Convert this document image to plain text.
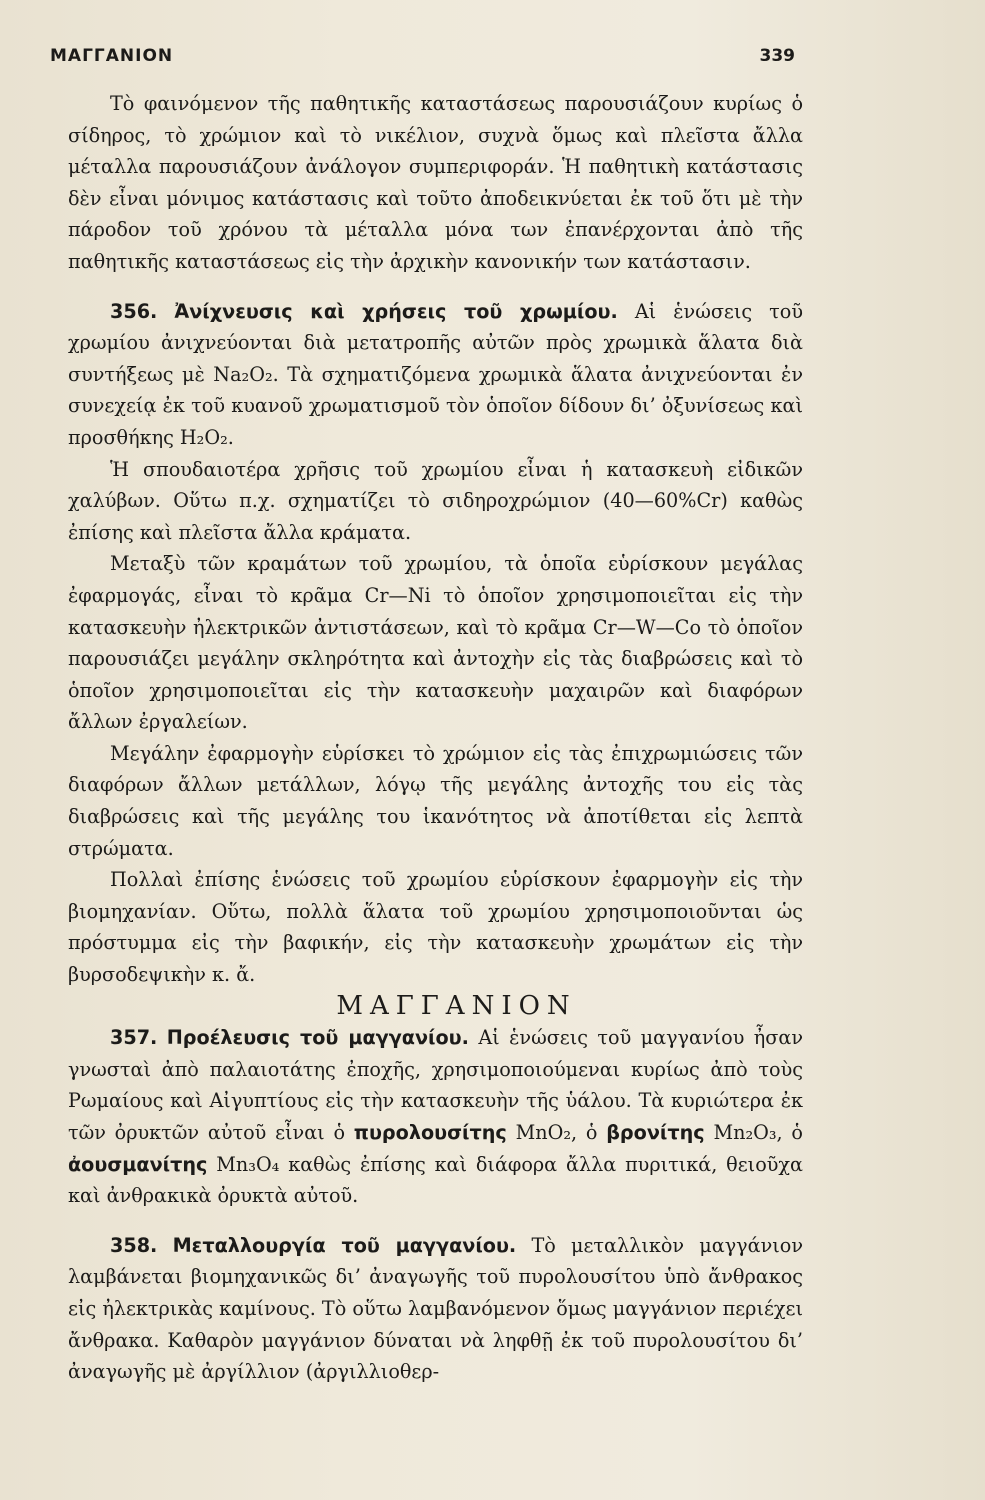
ΜΑΓΓΑΝΙΟΝ	339

Τὸ φαινόμενον τῆς παθητικῆς καταστάσεως παρουσιάζουν κυρίως ὁ σίδηρος, τὸ χρώμιον καὶ τὸ νικέλιον, συχνὰ ὅμως καὶ πλεῖστα ἄλλα μέταλλα παρουσιάζουν ἀνάλογον συμπεριφοράν. Ἡ παθητικὴ κατάστασις δὲν εἶναι μόνιμος κατάστασις καὶ τοῦτο ἀποδεικνύεται ἐκ τοῦ ὅτι μὲ τὴν πάροδον τοῦ χρόνου τὰ μέταλλα μόνα των ἐπανέρχονται ἀπὸ τῆς παθητικῆς καταστάσεως εἰς τὴν ἀρχικὴν κανονικήν των κατάστασιν.

356. Ἀνίχνευσις καὶ χρήσεις τοῦ χρωμίου. Αἱ ἑνώσεις τοῦ χρωμίου ἀνιχνεύονται διὰ μετατροπῆς αὐτῶν πρὸς χρωμικὰ ἅλατα διὰ συντήξεως μὲ Na₂O₂. Τὰ σχηματιζόμενα χρωμικὰ ἅλατα ἀνιχνεύονται ἐν συνεχείᾳ ἐκ τοῦ κυανοῦ χρωματισμοῦ τὸν ὁποῖον δίδουν δι’ ὀξυνίσεως καὶ προσθήκης H₂O₂.

Ἡ σπουδαιοτέρα χρῆσις τοῦ χρωμίου εἶναι ἡ κατασκευὴ εἰδικῶν χαλύβων. Οὕτω π.χ. σχηματίζει τὸ σιδηροχρώμιον (40—60%Cr) καθὼς ἐπίσης καὶ πλεῖστα ἄλλα κράματα.

Μεταξὺ τῶν κραμάτων τοῦ χρωμίου, τὰ ὁποῖα εὑρίσκουν μεγάλας ἐφαρμογάς, εἶναι τὸ κρᾶμα Cr—Ni τὸ ὁποῖον χρησιμοποιεῖται εἰς τὴν κατασκευὴν ἠλεκτρικῶν ἀντιστάσεων, καὶ τὸ κρᾶμα Cr—W—Co τὸ ὁποῖον παρουσιάζει μεγάλην σκληρότητα καὶ ἀντοχὴν εἰς τὰς διαβρώσεις καὶ τὸ ὁποῖον χρησιμοποιεῖται εἰς τὴν κατασκευὴν μαχαιρῶν καὶ διαφόρων ἄλλων ἐργαλείων.

Μεγάλην ἐφαρμογὴν εὑρίσκει τὸ χρώμιον εἰς τὰς ἐπιχρωμιώσεις τῶν διαφόρων ἄλλων μετάλλων, λόγῳ τῆς μεγάλης ἀντοχῆς του εἰς τὰς διαβρώσεις καὶ τῆς μεγάλης του ἱκανότητος νὰ ἀποτίθεται εἰς λεπτὰ στρώματα.

Πολλαὶ ἐπίσης ἑνώσεις τοῦ χρωμίου εὑρίσκουν ἐφαρμογὴν εἰς τὴν βιομηχανίαν. Οὕτω, πολλὰ ἅλατα τοῦ χρωμίου χρησιμοποιοῦνται ὡς πρόστυμμα εἰς τὴν βαφικήν, εἰς τὴν κατασκευὴν χρωμάτων εἰς τὴν βυρσοδεψικὴν κ. ἄ.

ΜΑΓΓΑΝΙΟΝ

357. Προέλευσις τοῦ μαγγανίου. Αἱ ἑνώσεις τοῦ μαγγανίου ἦσαν γνωσταὶ ἀπὸ παλαιοτάτης ἐποχῆς, χρησιμοποιούμεναι κυρίως ἀπὸ τοὺς Ρωμαίους καὶ Αἰγυπτίους εἰς τὴν κατασκευὴν τῆς ὑάλου. Τὰ κυριώτερα ἐκ τῶν ὀρυκτῶν αὐτοῦ εἶναι ὁ πυρολουσίτης MnO₂, ὁ βρονίτης Mn₂O₃, ὁ ἀουσμανίτης Mn₃O₄ καθὼς ἐπίσης καὶ διάφορα ἄλλα πυριτικά, θειοῦχα καὶ ἀνθρακικὰ ὀρυκτὰ αὐτοῦ.

358. Μεταλλουργία τοῦ μαγγανίου. Τὸ μεταλλικὸν μαγγάνιον λαμβάνεται βιομηχανικῶς δι’ ἀναγωγῆς τοῦ πυρολουσίτου ὑπὸ ἄνθρακος εἰς ἠλεκτρικὰς καμίνους. Τὸ οὕτω λαμβανόμενον ὅμως μαγγάνιον περιέχει ἄνθρακα. Καθαρὸν μαγγάνιον δύναται νὰ ληφθῇ ἐκ τοῦ πυρολουσίτου δι’ ἀναγωγῆς μὲ ἀργίλλιον (ἀργιλλιοθερ-
